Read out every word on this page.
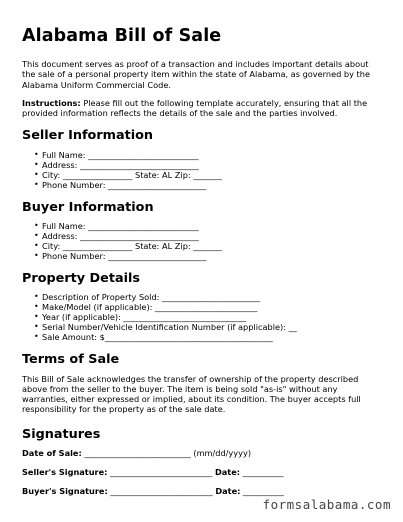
Alabama Bill of Sale

This document serves as proof of a transaction and includes important details about the sale of a personal property item within the state of Alabama, as governed by the Alabama Uniform Commercial Code.

Instructions: Please fill out the following template accurately, ensuring that all the provided information reflects the details of the sale and the parties involved.

Seller Information
• Full Name: ___________________________
• Address: _____________________________
• City: _________________ State: AL Zip: _______
• Phone Number: ________________________
Buyer Information
• Full Name: ___________________________
• Address: _____________________________
• City: _________________ State: AL Zip: _______
• Phone Number: ________________________
Property Details
• Description of Property Sold: ________________________
• Make/Model (if applicable): _________________________
• Year (if applicable): ______________________________
• Serial Number/Vehicle Identification Number (if applicable): __
• Sale Amount: $_________________________________________
Terms of Sale

This Bill of Sale acknowledges the transfer of ownership of the property described above from the seller to the buyer. The item is being sold "as-is" without any warranties, either expressed or implied, about its condition. The buyer accepts full responsibility for the property as of the sale date.

Signatures
Date of Sale: __________________________ (mm/dd/yyyy)
Seller's Signature: _________________________ Date: __________
Buyer's Signature: _________________________ Date: __________
formsalabama.com
